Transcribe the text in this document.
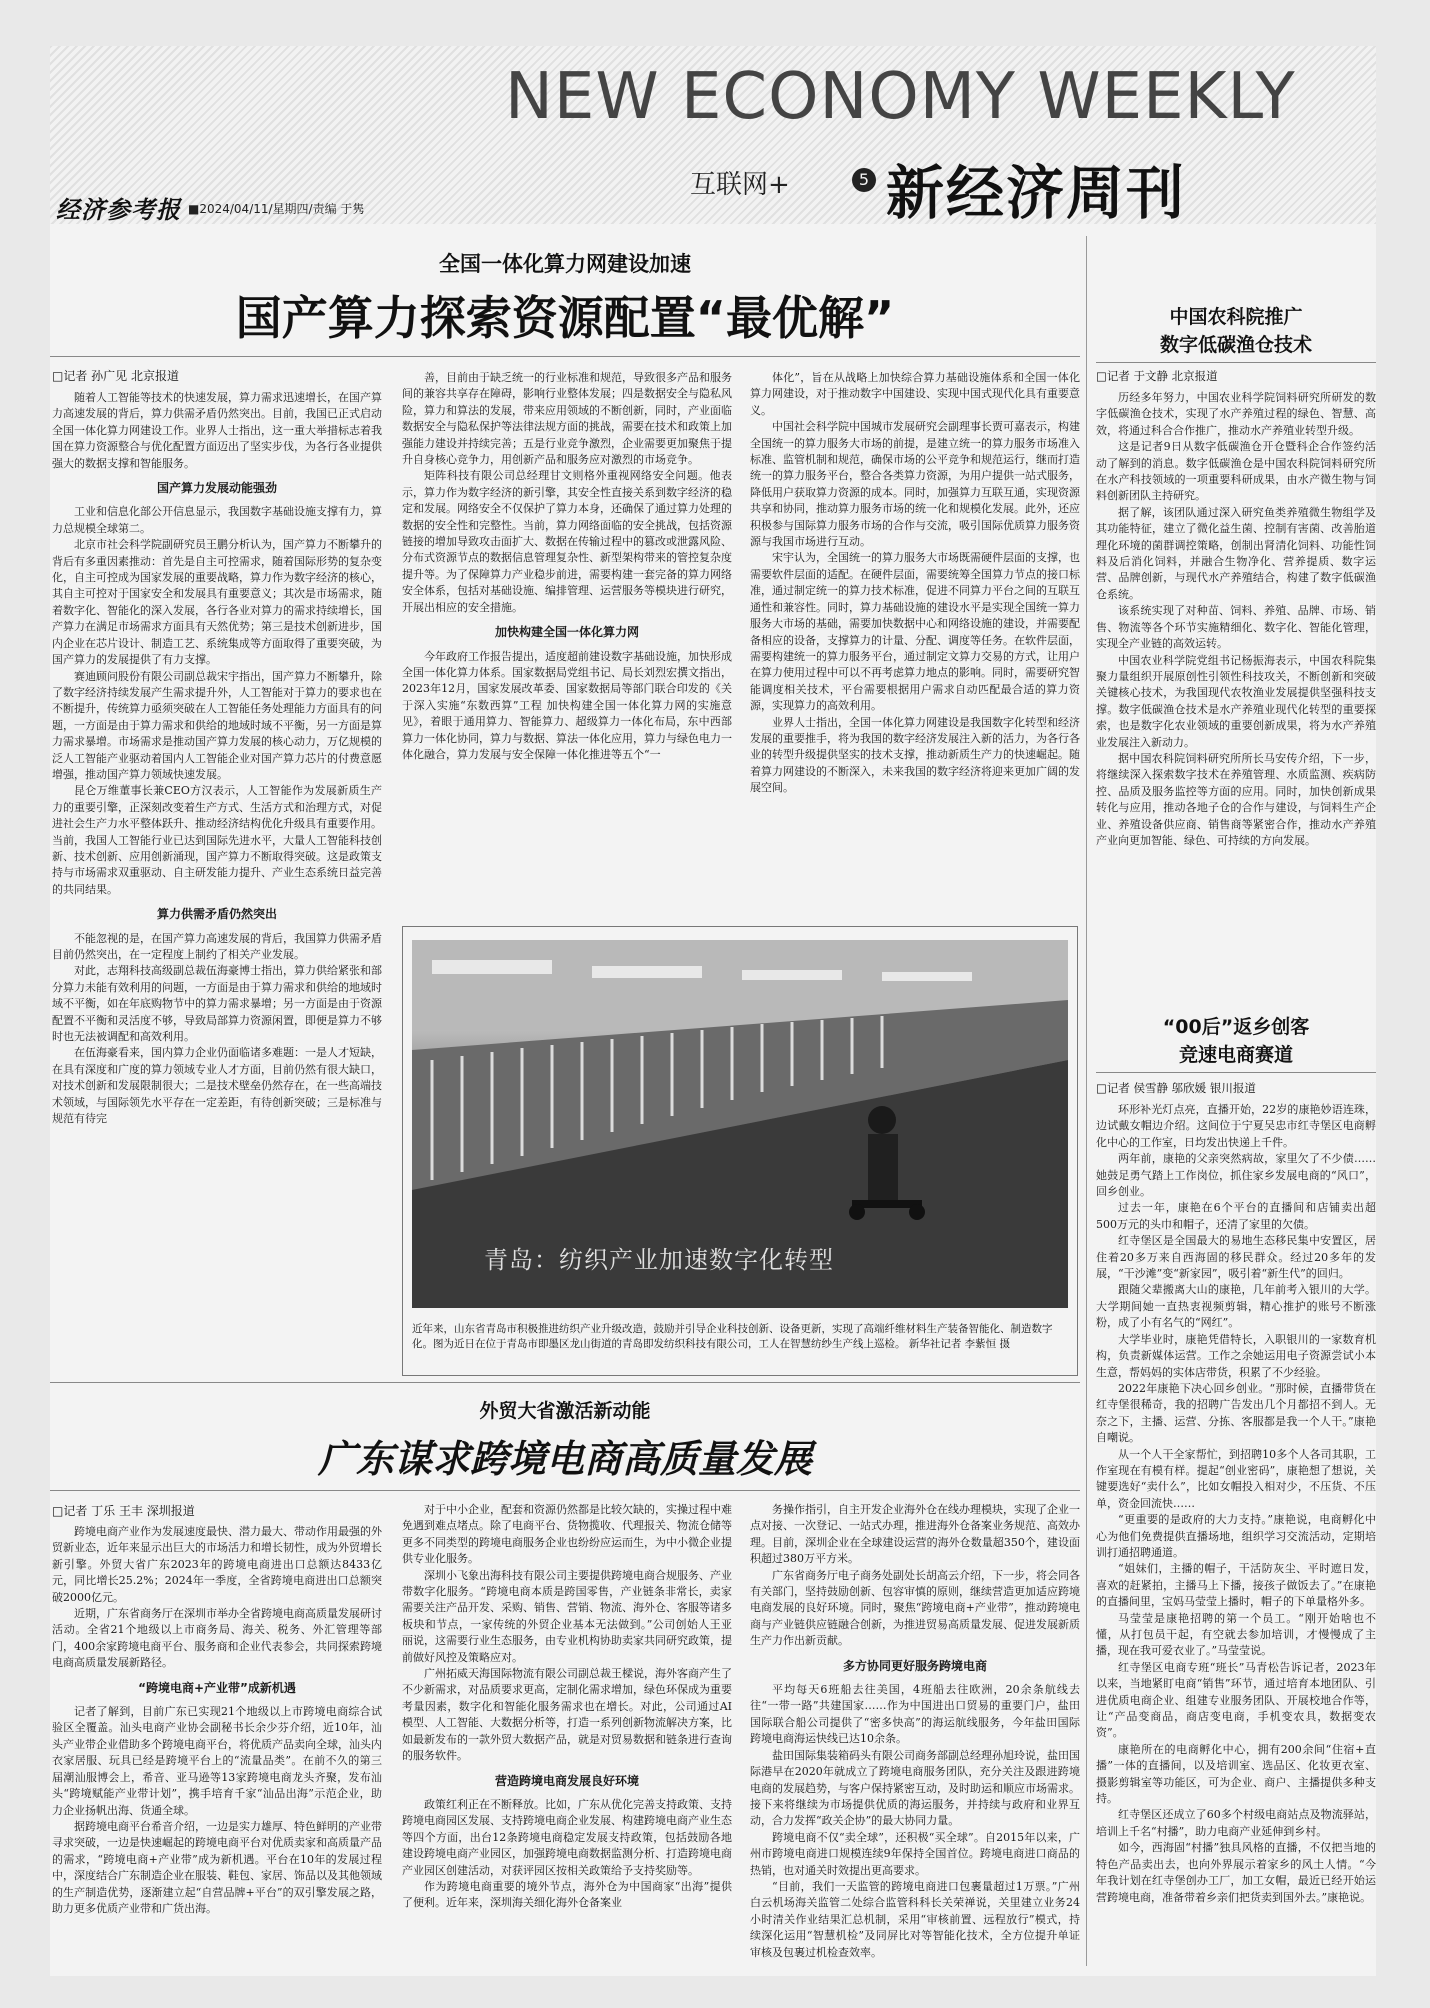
NEW ECONOMY WEEKLY
互联网+	5 新经济周刊
经济参考报 ■2024/04/11/星期四/责编 于隽
全国一体化算力网建设加速
国产算力探索资源配置“最优解”
□记者 孙广见 北京报道

随着人工智能等技术的快速发展，算力需求迅速增长，在国产算力高速发展的背后，算力供需矛盾仍然突出。目前，我国已正式启动全国一体化算力网建设工作。业界人士指出，这一重大举措标志着我国在算力资源整合与优化配置方面迈出了坚实步伐，为各行各业提供强大的数据支撑和智能服务。

国产算力发展动能强劲

工业和信息化部公开信息显示，我国数字基础设施支撑有力，算力总规模全球第二。

北京市社会科学院副研究员王鹏分析认为，国产算力不断攀升的背后有多重因素推动：首先是自主可控需求，随着国际形势的复杂变化，自主可控成为国家发展的重要战略，算力作为数字经济的核心，其自主可控对于国家安全和发展具有重要意义；其次是市场需求，随着数字化、智能化的深入发展，各行各业对算力的需求持续增长，国产算力在满足市场需求方面具有天然优势；第三是技术创新进步，国内企业在芯片设计、制造工艺、系统集成等方面取得了重要突破，为国产算力的发展提供了有力支撑。

赛迪顾问股份有限公司副总裁宋宇指出，国产算力不断攀升，除了数字经济持续发展产生需求提升外，人工智能对于算力的要求也在不断提升，传统算力亟须突破在人工智能任务处理能力方面具有的问题，一方面是由于算力需求和供给的地域时域不平衡，另一方面是算力需求暴增。市场需求是推动国产算力发展的核心动力，万亿规模的泛人工智能产业驱动着国内人工智能企业对国产算力芯片的付费意愿增强，推动国产算力领域快速发展。

昆仑万维董事长兼CEO方汉表示，人工智能作为发展新质生产力的重要引擎，正深刻改变着生产方式、生活方式和治理方式，对促进社会生产力水平整体跃升、推动经济结构优化升级具有重要作用。当前，我国人工智能行业已达到国际先进水平，大量人工智能科技创新、技术创新、应用创新涌现，国产算力不断取得突破。这是政策支持与市场需求双重驱动、自主研发能力提升、产业生态系统日益完善的共同结果。

算力供需矛盾仍然突出

不能忽视的是，在国产算力高速发展的背后，我国算力供需矛盾目前仍然突出，在一定程度上制约了相关产业发展。

对此，志翔科技高级副总裁伍海豪博士指出，算力供给紧张和部分算力未能有效利用的问题，一方面是由于算力需求和供给的地域时域不平衡，如在年底购物节中的算力需求暴增；另一方面是由于资源配置不平衡和灵活度不够，导致局部算力资源闲置，即便是算力不够时也无法被调配和高效利用。

在伍海豪看来，国内算力企业仍面临诸多难题：一是人才短缺，在具有深度和广度的算力领域专业人才方面，目前仍然有很大缺口，对技术创新和发展限制很大；二是技术壁垒仍然存在，在一些高端技术领域，与国际领先水平存在一定差距，有待创新突破；三是标准与规范有待完

善，目前由于缺乏统一的行业标准和规范，导致很多产品和服务间的兼容共享存在障碍，影响行业整体发展；四是数据安全与隐私风险，算力和算法的发展，带来应用领域的不断创新，同时，产业面临数据安全与隐私保护等法律法规方面的挑战，需要在技术和政策上加强能力建设并持续完善；五是行业竞争激烈，企业需要更加聚焦于提升自身核心竞争力，用创新产品和服务应对激烈的市场竞争。

矩阵科技有限公司总经理甘文则格外重视网络安全问题。他表示，算力作为数字经济的新引擎，其安全性直接关系到数字经济的稳定和发展。网络安全不仅保护了算力本身，还确保了通过算力处理的数据的安全性和完整性。当前，算力网络面临的安全挑战，包括资源链接的增加导致攻击面扩大、数据在传输过程中的篡改或泄露风险、分布式资源节点的数据信息管理复杂性、新型架构带来的管控复杂度提升等。为了保障算力产业稳步前进，需要构建一套完备的算力网络安全体系，包括对基础设施、编排管理、运营服务等模块进行研究，开展出相应的安全措施。

加快构建全国一体化算力网

今年政府工作报告提出，适度超前建设数字基础设施，加快形成全国一体化算力体系。国家数据局党组书记、局长刘烈宏撰文指出，2023年12月，国家发展改革委、国家数据局等部门联合印发的《关于深入实施“东数西算”工程 加快构建全国一体化算力网的实施意见》，着眼于通用算力、智能算力、超级算力一体化布局，东中西部算力一体化协同，算力与数据、算法一体化应用，算力与绿色电力一体化融合，算力发展与安全保障一体化推进等五个“一

体化”，旨在从战略上加快综合算力基础设施体系和全国一体化算力网建设，对于推动数字中国建设、实现中国式现代化具有重要意义。

中国社会科学院中国城市发展研究会副理事长贾可嘉表示，构建全国统一的算力服务大市场的前提，是建立统一的算力服务市场准入标准、监管机制和规范，确保市场的公平竞争和规范运行，继而打造统一的算力服务平台，整合各类算力资源，为用户提供一站式服务，降低用户获取算力资源的成本。同时，加强算力互联互通，实现资源共享和协同，推动算力服务市场的统一化和规模化发展。此外，还应积极参与国际算力服务市场的合作与交流，吸引国际优质算力服务资源与我国市场进行互动。

宋宇认为，全国统一的算力服务大市场既需硬件层面的支撑，也需要软件层面的适配。在硬件层面，需要统筹全国算力节点的接口标准，通过制定统一的算力技术标准，促进不同算力平台之间的互联互通性和兼容性。同时，算力基础设施的建设水平是实现全国统一算力服务大市场的基础，需要加快数据中心和网络设施的建设，并需要配备相应的设备，支撑算力的计量、分配、调度等任务。在软件层面，需要构建统一的算力服务平台，通过制定文算力交易的方式，让用户在算力使用过程中可以不再考虑算力地点的影响。同时，需要研究智能调度相关技术，平台需要根据用户需求自动匹配最合适的算力资源，实现算力的高效利用。

业界人士指出，全国一体化算力网建设是我国数字化转型和经济发展的重要推手，将为我国的数字经济发展注入新的活力，为各行各业的转型升级提供坚实的技术支撑，推动新质生产力的快速崛起。随着算力网建设的不断深入，未来我国的数字经济将迎来更加广阔的发展空间。

青岛：纺织产业加速数字化转型
近年来，山东省青岛市积极推进纺织产业升级改造，鼓励并引导企业科技创新、设备更新，实现了高端纤维材料生产装备智能化、制造数字化。图为近日在位于青岛市即墨区龙山街道的青岛即发纺织科技有限公司，工人在智慧纺纱生产线上巡检。 新华社记者 李紫恒 摄
外贸大省激活新动能
广东谋求跨境电商高质量发展
□记者 丁乐 王丰 深圳报道

跨境电商产业作为发展速度最快、潜力最大、带动作用最强的外贸新业态，近年来显示出巨大的市场活力和增长韧性，成为外贸增长新引擎。外贸大省广东2023年的跨境电商进出口总额达8433亿元，同比增长25.2%；2024年一季度，全省跨境电商进出口总额突破2000亿元。

近期，广东省商务厅在深圳市举办全省跨境电商高质量发展研讨活动。全省21个地级以上市商务局、海关、税务、外汇管理等部门，400余家跨境电商平台、服务商和企业代表参会，共同探索跨境电商高质量发展新路径。

“跨境电商+产业带”成新机遇

记者了解到，目前广东已实现21个地级以上市跨境电商综合试验区全覆盖。汕头电商产业协会副秘书长余少芬介绍，近10年，汕头产业带企业借助多个跨境电商平台，将优质产品卖向全球，汕头内衣家居服、玩具已经是跨境平台上的“流量品类”。在前不久的第三届潮汕服博会上，希音、亚马逊等13家跨境电商龙头齐聚，发布汕头“跨境赋能产业带计划”，携手培育千家“汕品出海”示范企业，助力企业扬帆出海、货通全球。

据跨境电商平台希音介绍，一边是实力雄厚、特色鲜明的产业带寻求突破，一边是快速崛起的跨境电商平台对优质卖家和高质量产品的需求，“跨境电商+产业带”成为新机遇。平台在10年的发展过程中，深度结合广东制造企业在服装、鞋包、家居、饰品以及其他领域的生产制造优势，逐渐建立起“自营品牌+平台”的双引擎发展之路，助力更多优质产业带和广货出海。

对于中小企业，配套和资源仍然都是比较欠缺的，实操过程中难免遇到难点堵点。除了电商平台、货物揽收、代理报关、物流仓储等更多不同类型的跨境电商服务企业也纷纷应运而生，为中小微企业提供专业化服务。

深圳小飞象出海科技有限公司主要提供跨境电商合规服务、产业带数字化服务。“跨境电商本质是跨国零售，产业链条非常长，卖家需要关注产品开发、采购、销售、营销、物流、海外仓、客服等诸多板块和节点，一家传统的外贸企业基本无法做到。”公司创始人王亚丽说，这需要行业生态服务，由专业机构协助卖家共同研究政策，提前做好风控及策略应对。

广州拓威天海国际物流有限公司副总裁王樑说，海外客商产生了不少新需求，对品质要求更高，定制化需求增加，绿色环保成为重要考量因素，数字化和智能化服务需求也在增长。对此，公司通过AI模型、人工智能、大数据分析等，打造一系列创新物流解决方案，比如最新发布的一款外贸大数据产品，就是对贸易数据和链条进行查询的服务软件。

营造跨境电商发展良好环境

政策红利正在不断释放。比如，广东从优化完善支持政策、支持跨境电商园区发展、支持跨境电商企业发展、构建跨境电商产业生态等四个方面，出台12条跨境电商稳定发展支持政策，包括鼓励各地建设跨境电商产业园区，加强跨境电商数据监测分析、打造跨境电商产业园区创建活动，对获评园区按相关政策给予支持奖励等。

作为跨境电商重要的境外节点，海外仓为中国商家“出海”提供了便利。近年来，深圳海关细化海外仓备案业

务操作指引，自主开发企业海外仓在线办理模块，实现了企业一点对接、一次登记、一站式办理，推进海外仓备案业务规范、高效办理。目前，深圳企业在全球建设运营的海外仓数量超350个，建设面积超过380万平方米。

广东省商务厅电子商务处副处长胡高云介绍，下一步，将会同各有关部门，坚持鼓励创新、包容审慎的原则，继续营造更加适应跨境电商发展的良好环境。同时，聚焦“跨境电商+产业带”，推动跨境电商与产业链供应链融合创新，为推进贸易高质量发展、促进发展新质生产力作出新贡献。

多方协同更好服务跨境电商

平均每天6班船去往美国，4班船去往欧洲，20余条航线去往“一带一路”共建国家……作为中国进出口贸易的重要门户，盐田国际联合船公司提供了“密多快高”的海运航线服务，今年盐田国际跨境电商海运快线已达10余条。

盐田国际集装箱码头有限公司商务部副总经理孙旭玲说，盐田国际港早在2020年就成立了跨境电商服务团队，充分关注及跟进跨境电商的发展趋势，与客户保持紧密互动，及时助运和顺应市场需求。接下来将继续为市场提供优质的海运服务，并持续与政府和业界互动，合力发挥“政关企协”的最大协同力量。

跨境电商不仅“卖全球”，还积极“买全球”。自2015年以来，广州市跨境电商进口规模连续9年保持全国首位。跨境电商进口商品的热销，也对通关时效提出更高要求。

“目前，我们一天监管的跨境电商进口包裹量超过1万票。”广州白云机场海关监管二处综合监管科科长关荣禅说，关里建立业务24小时清关作业结果汇总机制，采用“审核前置、远程放行”模式，持续深化运用“智慧机检”及同屏比对等智能化技术，全方位提升单证审核及包裹过机检查效率。

中国农科院推广
数字低碳渔仓技术
□记者 于文静 北京报道

历经多年努力，中国农业科学院饲料研究所研发的数字低碳渔仓技术，实现了水产养殖过程的绿色、智慧、高效，将通过科合合作推广，推动水产养殖业转型升级。

这是记者9日从数字低碳渔仓开仓暨科企合作签约活动了解到的消息。数字低碳渔仓是中国农科院饲料研究所在水产科技领域的一项重要科研成果，由水产微生物与饲料创新团队主持研究。

据了解，该团队通过深入研究鱼类养殖微生物组学及其功能特征，建立了微化益生菌、控制有害菌、改善胎道理化环境的菌群调控策略，创制出肾清化饲料、功能性饲料及后消化饲料，并融合生物净化、营养提质、数字运营、品牌创新，与现代水产养殖结合，构建了数字低碳渔仓系统。

该系统实现了对种苗、饲料、养殖、品牌、市场、销售、物流等各个环节实施精细化、数字化、智能化管理，实现全产业链的高效运转。

中国农业科学院党组书记杨振海表示，中国农科院集聚力量组织开展原创性引领性科技攻关，不断创新和突破关键核心技术，为我国现代农牧渔业发展提供坚强科技支撑。数字低碳渔仓技术是水产养殖业现代化转型的重要探索，也是数字化农业领域的重要创新成果，将为水产养殖业发展注入新动力。

据中国农科院饲料研究所所长马安传介绍，下一步，将继续深入探索数字技术在养殖管理、水质监测、疾病防控、品质及服务监控等方面的应用。同时，加快创新成果转化与应用，推动各地子仓的合作与建设，与饲料生产企业、养殖设备供应商、销售商等紧密合作，推动水产养殖产业向更加智能、绿色、可持续的方向发展。

“00后”返乡创客
竞速电商赛道
□记者 侯雪静 邬欣媛 银川报道

环形补光灯点亮，直播开始，22岁的康艳妙语连珠，边试戴女帽边介绍。这间位于宁夏吴忠市红寺堡区电商孵化中心的工作室，日均发出快递上千件。

两年前，康艳的父亲突然病故，家里欠了不少债……她鼓足勇气踏上工作岗位，抓住家乡发展电商的“风口”，回乡创业。

过去一年，康艳在6个平台的直播间和店铺卖出超500万元的头巾和帽子，还清了家里的欠债。

红寺堡区是全国最大的易地生态移民集中安置区，居住着20多万来自西海固的移民群众。经过20多年的发展，“干沙滩”变“新家园”，吸引着“新生代”的回归。

跟随父辈搬离大山的康艳，几年前考入银川的大学。大学期间她一直热衷视频剪辑，精心推护的账号不断涨粉，成了小有名气的“网红”。

大学毕业时，康艳凭借特长，入职银川的一家数育机构，负责新媒体运营。工作之余她运用电子资源尝试小本生意，帮妈妈的实体店带货，积累了不少经验。

2022年康艳下决心回乡创业。“那时候，直播带货在红寺堡很稀奇，我的招聘广告发出几个月都招不到人。无奈之下，主播、运营、分拣、客服都是我一个人干。”康艳自嘲说。

从一个人干全家帮忙，到招聘10多个人各司其职，工作室现在有模有样。提起“创业密码”，康艳想了想说，关键要选好“卖什么”，比如女帽投入相对少，不压货、不压单，资金回流快……

“更重要的是政府的大力支持。”康艳说，电商孵化中心为他们免费提供直播场地，组织学习交流活动，定期培训打通招聘通道。

“姐妹们，主播的帽子，干活防灰尘、平时遮日发，喜欢的赶紧拍，主播马上下播，接孩子做饭去了。”在康艳的直播间里，宝妈马莹莹上播时，帽子的下单量格外多。

马莹莹是康艳招聘的第一个员工。“刚开始啥也不懂，从打包员干起，有空就去参加培训，才慢慢成了主播，现在我可爱衣业了。”马莹莹说。

红寺堡区电商专班“班长”马青松告诉记者，2023年以来，当地紧盯电商“销售”环节，通过培育本地团队、引进优质电商企业、组建专业服务团队、开展校地合作等，让“产品变商品，商店变电商，手机变农具，数据变农资”。

康艳所在的电商孵化中心，拥有200余间“住宿+直播”一体的直播间，以及培训室、选品区、化妆更衣室、摄影剪辑室等功能区，可为企业、商户、主播提供多种支持。

红寺堡区还成立了60多个村级电商站点及物流驿站，培训上千名“村播”，助力电商产业延伸到乡村。

如今，西海固“村播”独具风格的直播，不仅把当地的特色产品卖出去，也向外界展示着家乡的风土人情。“今年我计划在红寺堡创办工厂，加工女帽，最近已经开始运营跨境电商，准备带着乡亲们把货卖到国外去。”康艳说。
